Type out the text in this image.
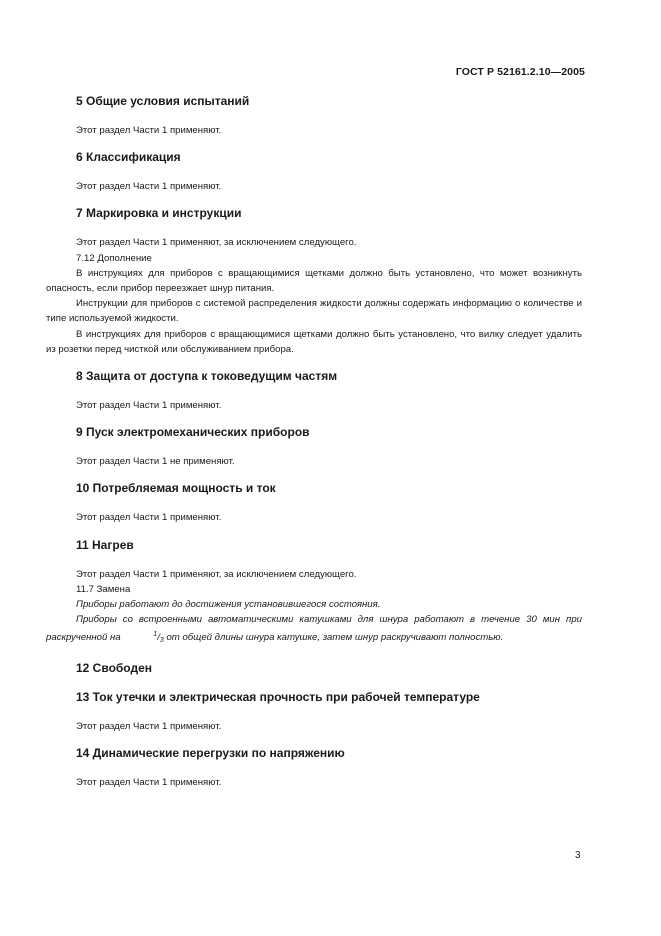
ГОСТ Р 52161.2.10—2005
5 Общие условия испытаний

Этот раздел Части 1 применяют.

6 Классификация

Этот раздел Части 1 применяют.

7 Маркировка и инструкции

Этот раздел Части 1 применяют, за исключением следующего.

7.12 Дополнение

В инструкциях для приборов с вращающимися щетками должно быть установлено, что может возникнуть опасность, если прибор переезжает шнур питания.

Инструкции для приборов с системой распределения жидкости должны содержать информацию о количестве и типе используемой жидкости.

В инструкциях для приборов с вращающимися щетками должно быть установлено, что вилку следует удалить из розетки перед чисткой или обслуживанием прибора.

8 Защита от доступа к токоведущим частям

Этот раздел Части 1 применяют.

9 Пуск электромеханических приборов

Этот раздел Части 1 не применяют.

10 Потребляемая мощность и ток

Этот раздел Части 1 применяют.

11 Нагрев

Этот раздел Части 1 применяют, за исключением следующего.

11.7 Замена

Приборы работают до достижения установившегося состояния.

Приборы со встроенными автоматическими катушками для шнура работают в течение 30 мин при раскрученной на	$^1/_3$ от общей длины шнура катушке, затем шнур раскручивают полностью.

12 Свободен
13 Ток утечки и электрическая прочность при рабочей температуре

Этот раздел Части 1 применяют.

14 Динамические перегрузки по напряжению

Этот раздел Части 1 применяют.

3
